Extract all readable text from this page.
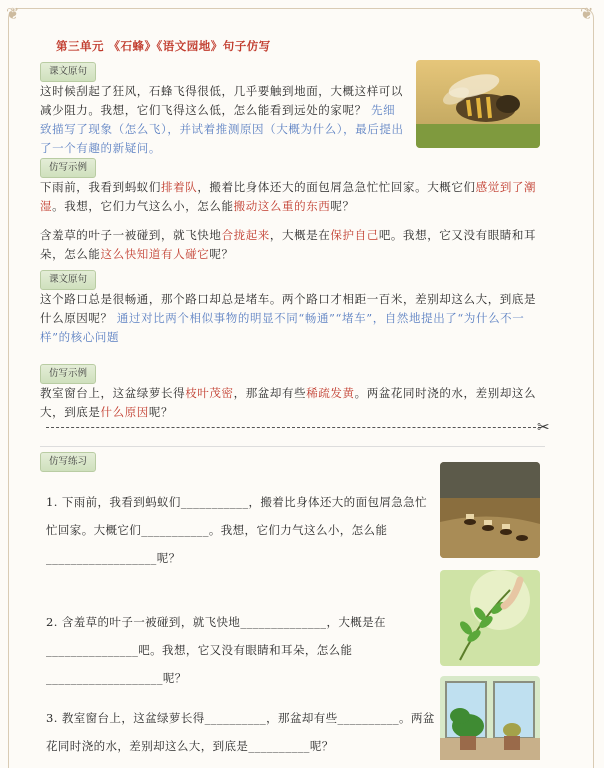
❦	❦
第三单元 《石蜂》《语文园地》句子仿写
课文原句
这时候刮起了狂风，石蜂飞得很低，几乎要触到地面，大概这样可以减少阻力。我想，它们飞得这么低，怎么能看到远处的家呢？ 先细致描写了现象（怎么飞），并试着推测原因（大概为什么），最后提出了一个有趣的新疑问。
仿写示例
下雨前，我看到蚂蚁们排着队，搬着比身体还大的面包屑急急忙忙回家。大概它们感觉到了潮湿。我想，它们力气这么小，怎么能搬动这么重的东西呢？
含羞草的叶子一被碰到，就飞快地合拢起来，大概是在保护自己吧。我想，它又没有眼睛和耳朵，怎么能这么快知道有人碰它呢？
课文原句
这个路口总是很畅通，那个路口却总是堵车。两个路口才相距一百米，差别却这么大，到底是什么原因呢？ 通过对比两个相似事物的明显不同“畅通”“堵车”，自然地提出了“为什么不一样”的核心问题
仿写示例
教室窗台上，这盆绿萝长得枝叶茂密，那盆却有些稀疏发黄。两盆花同时浇的水，差别却这么大，到底是什么原因呢？
✂
仿写练习
1. 下雨前，我看到蚂蚁们___________，搬着比身体还大的面包屑急急忙忙回家。大概它们___________。我想，它们力气这么小，怎么能__________________呢？
2. 含羞草的叶子一被碰到，就飞快地______________，大概是在_______________吧。我想，它又没有眼睛和耳朵，怎么能___________________呢？
3. 教室窗台上，这盆绿萝长得__________，那盆却有些__________。两盆花同时浇的水，差别却这么大，到底是__________呢？
